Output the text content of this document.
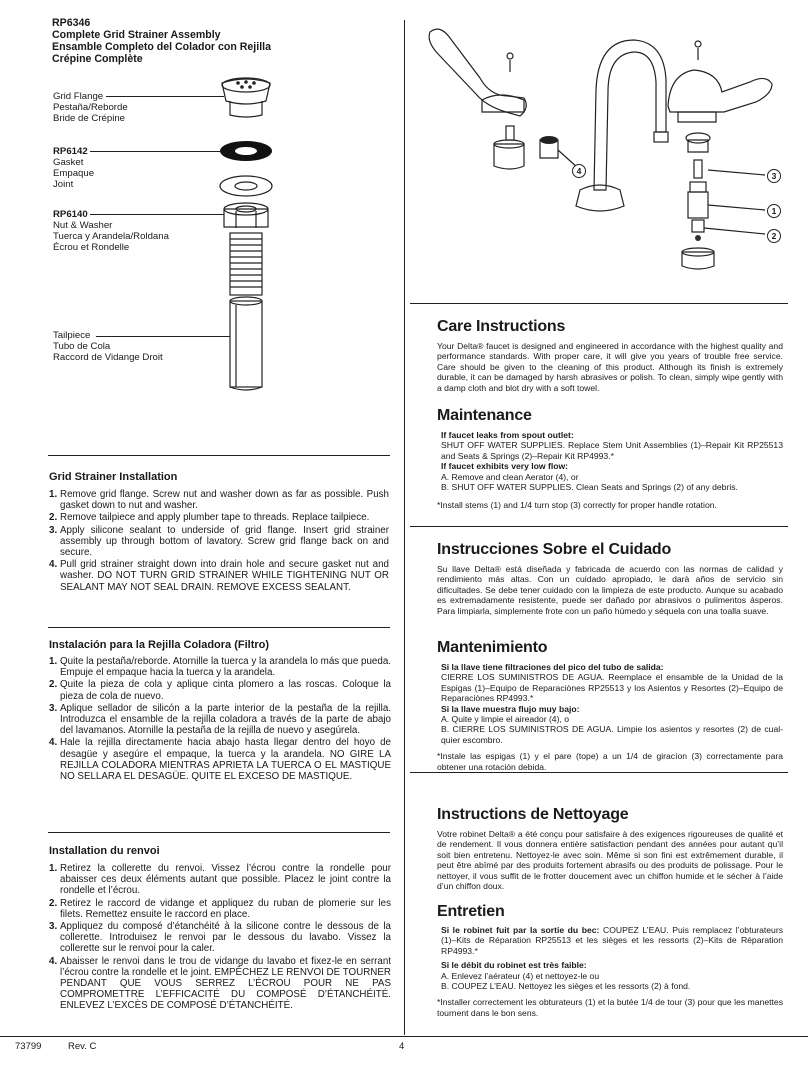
RP6346
Complete Grid Strainer Assembly
Ensamble Completo del Colador con Rejilla
Crépine Complète
Grid Flange
Pestaña/Reborde
Bride de Crépine
RP6142
Gasket
Empaque
Joint
RP6140
Nut & Washer
Tuerca y Arandela/Roldana
Écrou et Rondelle
Tailpiece
Tubo de Cola
Raccord de Vidange Droit
4	3
1
2
Grid Strainer Installation
1. Remove grid flange. Screw nut and washer down as far as possible. Push gasket down to nut and washer.
2. Remove tailpiece and apply plumber tape to threads. Replace tailpiece.
3. Apply silicone sealant to underside of grid flange. Insert grid strainer assembly up through bottom of lavatory. Screw grid flange back on and secure.
4. Pull grid strainer straight down into drain hole and secure gasket nut and washer. DO NOT TURN GRID STRAINER WHILE TIGHTENING NUT OR SEALANT MAY NOT SEAL DRAIN. REMOVE EXCESS SEALANT.
Instalación para la Rejilla Coladora (Filtro)
1. Quite la pestaña/reborde. Atornille la tuerca y la arandela lo más que pueda. Empuje el empaque hacia la tuerca y la arandela.
2. Quite la pieza de cola y aplique cinta plomero a las roscas. Coloque la pieza de cola de nuevo.
3. Aplique sellador de silicón a la parte interior de la pestaña de la rejilla. Introduzca el ensamble de la rejilla coladora a través de la parte de abajo del lavamanos. Atornille la pestaña de la rejilla de nuevo y asegúrela.
4. Hale la rejilla directamente hacia abajo hasta llegar dentro del hoyo de desagüe y asegúre el empaque, la tuerca y la arandela. NO GIRE LA REJILLA COLADORA MIENTRAS APRIETA LA TUERCA O EL MASTIQUE NO SELLARA EL DESAGÜE. QUITE EL EXCESO DE MASTIQUE.
Installation du renvoi
1. Retirez la collerette du renvoi. Vissez l’écrou contre la rondelle pour abaisser ces deux éléments autant que possible. Placez le joint contre la rondelle et l’écrou.
2. Retirez le raccord de vidange et appliquez du ruban de plomerie sur les filets. Remettez ensuite le raccord en place.
3. Appliquez du composé d’étanchéité à la silicone contre le dessous de la collerette. Introduisez le renvoi par le dessous du lavabo. Vissez la collerette sur le renvoi pour la caler.
4. Abaisser le renvoi dans le trou de vidange du lavabo et fixez-le en serrant l’écrou contre la rondelle et le joint. EMPÊCHEZ LE RENVOI DE TOURNER PENDANT QUE VOUS SERREZ L’ÉCROU POUR NE PAS COMPROMETTRE L’EFFICACITÉ DU COMPOSÉ D’ÉTANCHÉITÉ. ENLEVEZ L’EXCÈS DE COMPOSÉ D’ÉTANCHÉITÉ.
Care Instructions
Your Delta® faucet is designed and engineered in accordance with the highest quality and performance standards. With proper care, it will give you years of trouble free service. Care should be given to the cleaning of this product. Although its finish is extremely durable, it can be damaged by harsh abrasives or polish. To clean, simply wipe gently with a damp cloth and blot dry with a soft towel.
Maintenance
If faucet leaks from spout outlet:
SHUT OFF WATER SUPPLIES. Replace Stem Unit Assemblies (1)–Repair Kit RP25513 and Seats & Springs (2)–Repair Kit RP4993.*
If faucet exhibits very low flow:
A. Remove and clean Aerator (4), or
B. SHUT OFF WATER SUPPLIES. Clean Seats and Springs (2) of any debris.
*Install stems (1) and 1/4 turn stop (3) correctly for proper handle rotation.
Instrucciones Sobre el Cuidado
Su llave Delta® está diseñada y fabricada de acuerdo con las normas de calidad y rendimiento más altas. Con un cuidado apropiado, le darà años de servicio sin dificultades. Se debe tener cuidado con la limpieza de este producto. Aunque su acabado es extremadamente resistente, puede ser dañado por abrasivos o pulimentos ásperos. Para limpiarla, simplemente frote con un paño húmedo y séquela con una toalla suave.
Mantenimiento
Si la llave tiene filtraciones del pico del tubo de salida:
CIERRE LOS SUMINISTROS DE AGUA. Reemplace el ensamble de la Unidad de la Espigas (1)–Equipo de Reparaciònes RP25513 y los Asientos y Resortes (2)–Equipo de Reparaciònes RP4993.*
Si la llave muestra flujo muy bajo:
A. Quite y limpie el aireador (4), o
B. CIERRE LOS SUMINISTROS DE AGUA. Limpie los asientos y resortes (2) de cual-quier escombro.
*Instale las espigas (1) y el pare (tope) a un 1/4 de giracíon (3) correctamente para obtener una rotación debida.
Instructions de Nettoyage
Votre robinet Delta® a été conçu pour satisfaire à des exigences rigoureuses de qualité et de rendement. Il vous donnera entière satisfaction pendant des années pour autant qu’il soit bien entretenu. Nettoyez-le avec soin. Même si son fini est extrêmement durable, il peut être abîmé par des produits fortement abrasifs ou des produits de polissage. Pour le nettoyer, il vous suffit de le frotter doucement avec un chiffon humide et le sécher à l’aide d’un chiffon doux.
Entretien
Si le robinet fuit par la sortie du bec: COUPEZ L’EAU. Puis remplacez l’obturateurs (1)–Kits de Réparation RP25513 et les sièges et les ressorts (2)–Kits de Réparation RP4993.*
Si le débit du robinet est très faible:
A. Enlevez l’aérateur (4) et nettoyez-le ou
B. COUPEZ L’EAU. Nettoyez les sièges et les ressorts (2) à fond.
*Installer correctement les obturateurs (1) et la butée 1/4 de tour (3) pour que les manettes tournent dans le bon sens.
73799	Rev. C	4
